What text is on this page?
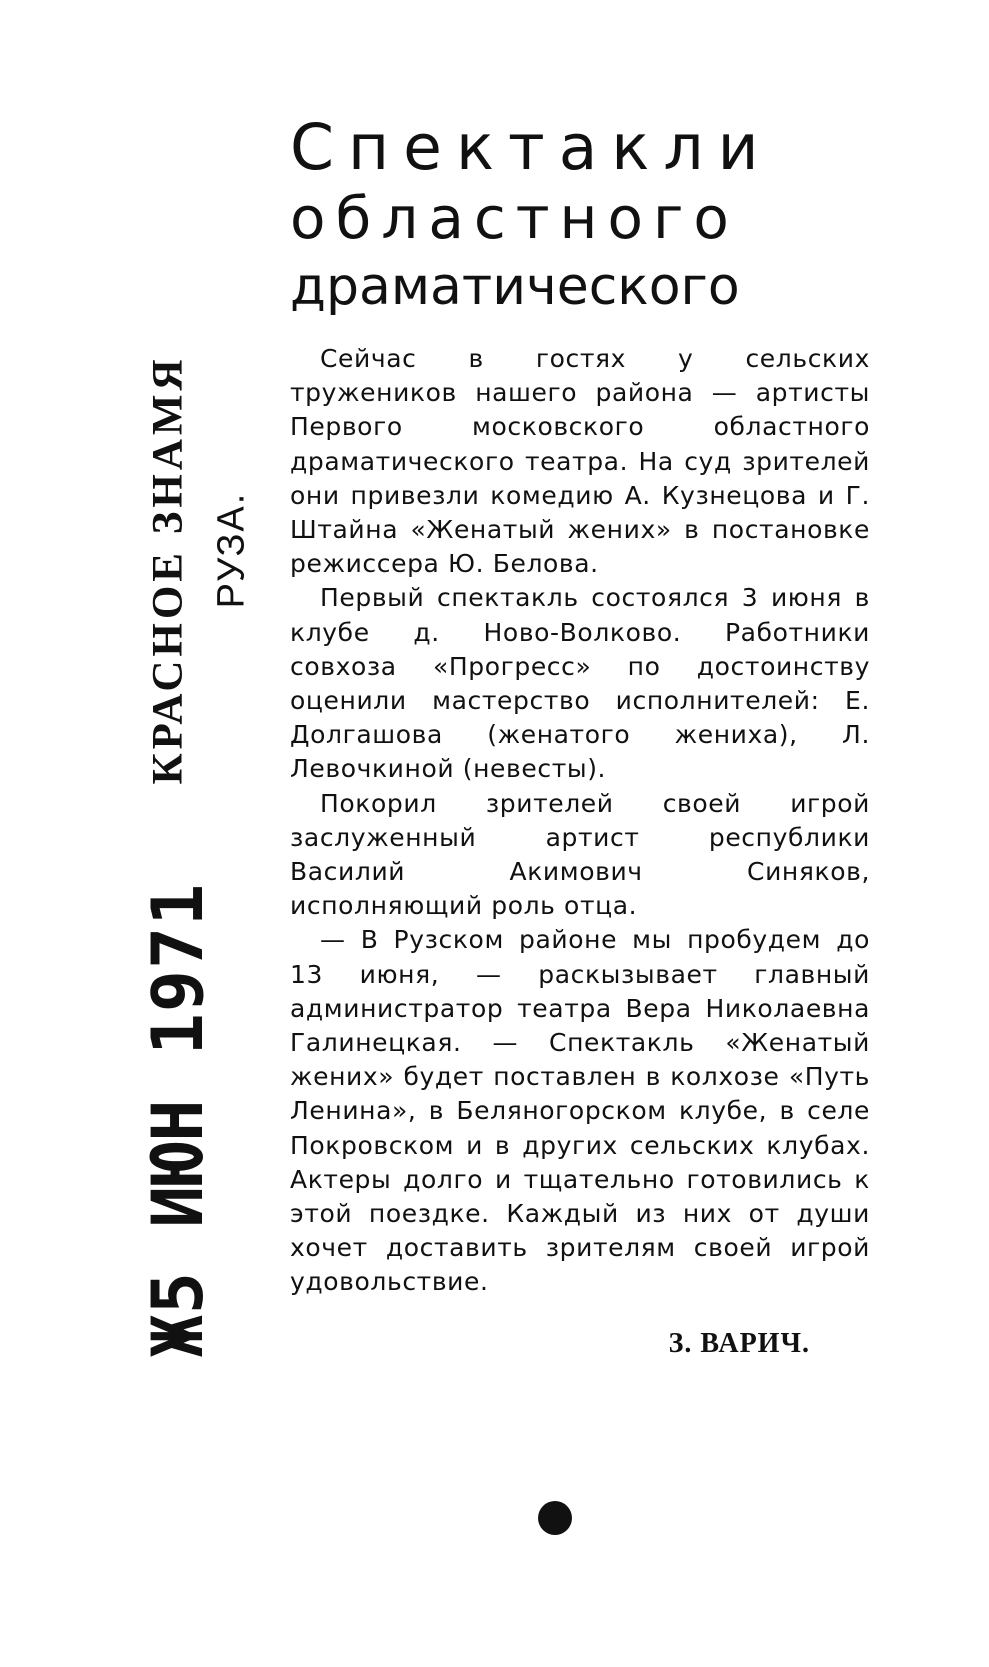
КРАСНОЕ ЗНАМЯ РУЗА.
Ж5 ИЮН 1971
Спектакли
областного
драматического

Сейчас в гостях у сельских тружеников нашего района — артисты Первого московского областного драматического театра. На суд зрителей они привезли комедию А. Кузнецова и Г. Штайна «Женатый жених» в постановке режиссера Ю. Белова.

Первый спектакль состоялся 3 июня в клубе д. Ново-Волково. Работники совхоза «Прогресс» по достоинству оценили мастерство исполнителей: Е. Долгашова (женатого жениха), Л. Левочкиной (невесты).

Покорил зрителей своей игрой заслуженный артист республики Василий Акимович Синяков, исполняющий роль отца.

— В Рузском районе мы пробудем до 13 июня, — раскызывает главный администратор театра Вера Николаевна Галинецкая. — Спектакль «Женатый жених» будет поставлен в колхозе «Путь Ленина», в Беляногорском клубе, в селе Покровском и в других сельских клубах. Актеры долго и тщательно готовились к этой поездке. Каждый из них от души хочет доставить зрителям своей игрой удовольствие.

З. ВАРИЧ.
